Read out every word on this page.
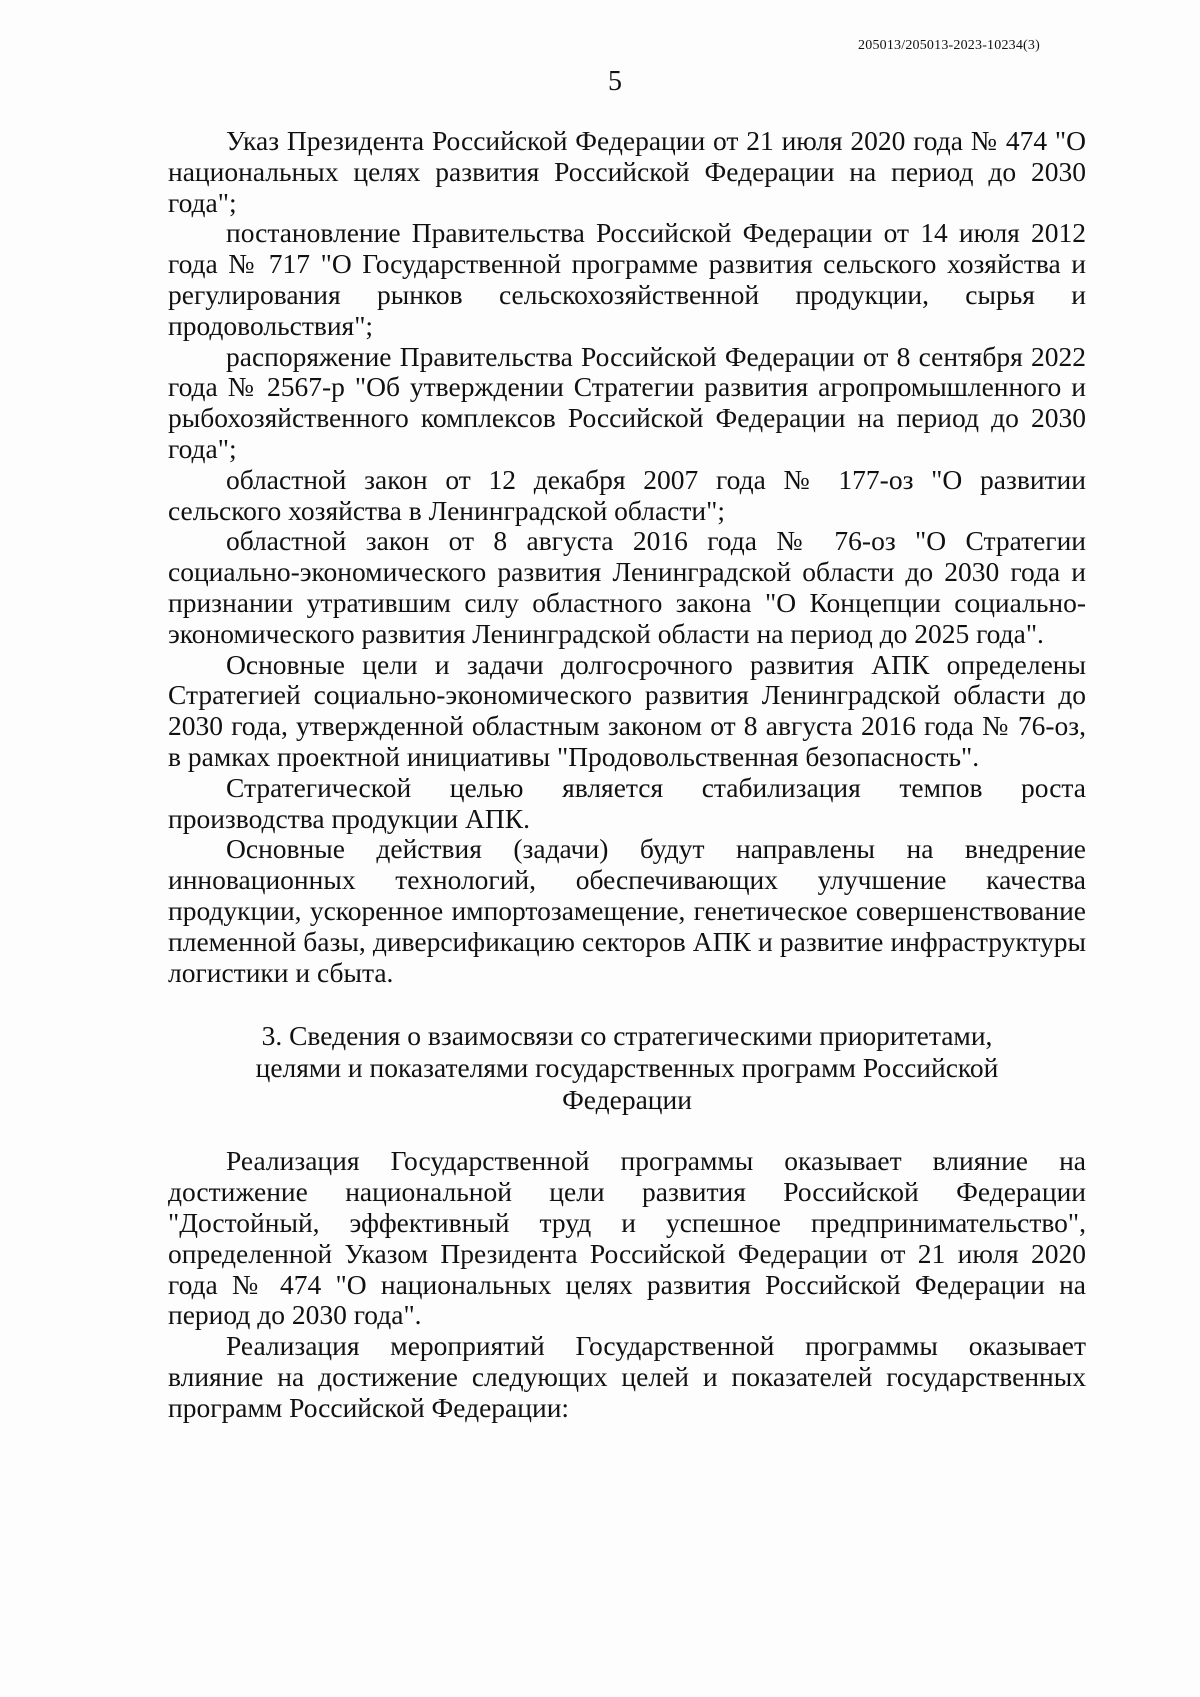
205013/205013-2023-10234(3)
5

Указ Президента Российской Федерации от 21 июля 2020 года № 474 "О национальных целях развития Российской Федерации на период до 2030 года";

постановление Правительства Российской Федерации от 14 июля 2012 года № 717 "О Государственной программе развития сельского хозяйства и регулирования рынков сельскохозяйственной продукции, сырья и продовольствия";

распоряжение Правительства Российской Федерации от 8 сентября 2022 года № 2567-р "Об утверждении Стратегии развития агропромышленного и рыбохозяйственного комплексов Российской Федерации на период до 2030 года";

областной закон от 12 декабря 2007 года № 177-оз "О развитии сельского хозяйства в Ленинградской области";

областной закон от 8 августа 2016 года № 76-оз "О Стратегии социально-экономического развития Ленинградской области до 2030 года и признании утратившим силу областного закона "О Концепции социально-экономического развития Ленинградской области на период до 2025 года".

Основные цели и задачи долгосрочного развития АПК определены Стратегией социально-экономического развития Ленинградской области до 2030 года, утвержденной областным законом от 8 августа 2016 года № 76-оз, в рамках проектной инициативы "Продовольственная безопасность".

Стратегической целью является стабилизация темпов роста производства продукции АПК.

Основные действия (задачи) будут направлены на внедрение инновационных технологий, обеспечивающих улучшение качества продукции, ускоренное импортозамещение, генетическое совершенствование племенной базы, диверсификацию секторов АПК и развитие инфраструктуры логистики и сбыта.

3. Сведения о взаимосвязи со стратегическими приоритетами,
целями и показателями государственных программ Российской
Федерации

Реализация Государственной программы оказывает влияние на достижение национальной цели развития Российской Федерации "Достойный, эффективный труд и успешное предпринимательство", определенной Указом Президента Российской Федерации от 21 июля 2020 года № 474 "О национальных целях развития Российской Федерации на период до 2030 года".

Реализация мероприятий Государственной программы оказывает влияние на достижение следующих целей и показателей государственных программ Российской Федерации:
